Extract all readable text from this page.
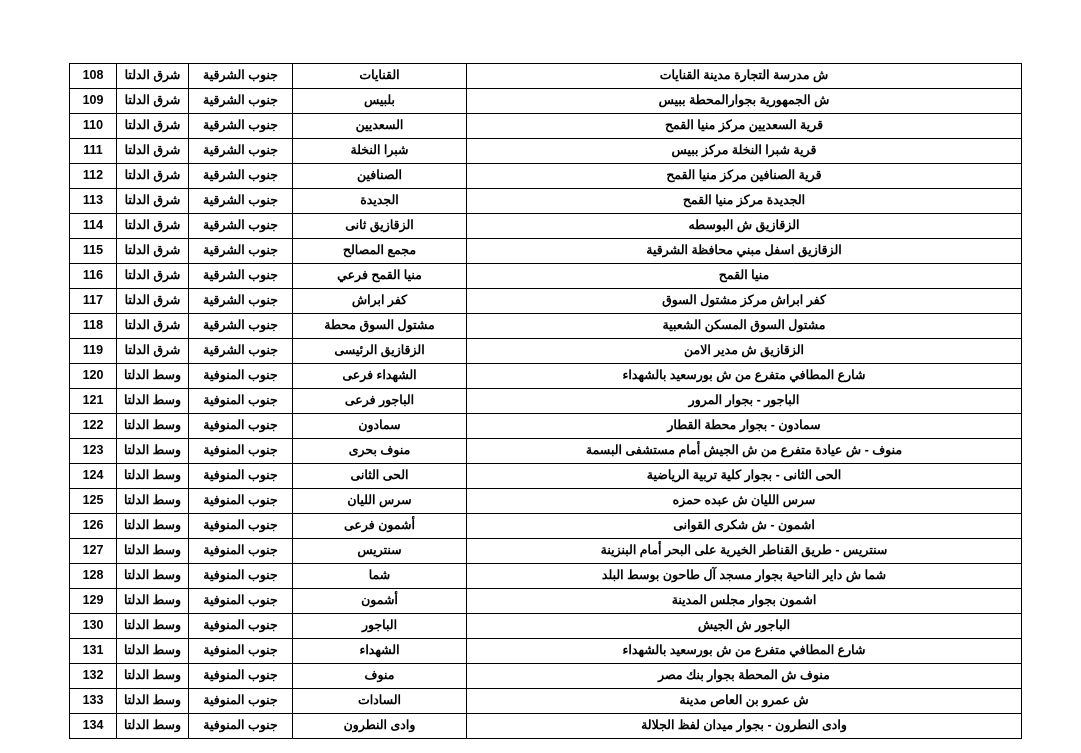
ش مدرسة التجارة مدينة القنايات	القنايات	جنوب الشرقية	شرق الدلتا	108
ش الجمهورية بجوارالمحطة ببيس	بلبيس	جنوب الشرقية	شرق الدلتا	109
قرية السعديين مركز منيا القمح	السعديين	جنوب الشرقية	شرق الدلتا	110
قرية شبرا النخلة مركز ببيس	شبرا النخلة	جنوب الشرقية	شرق الدلتا	111
قرية الصنافين مركز منيا القمح	الصنافين	جنوب الشرقية	شرق الدلتا	112
الجديدة مركز منيا القمح	الجديدة	جنوب الشرقية	شرق الدلتا	113
الزقازيق ش البوسطه	الزقازيق ثانى	جنوب الشرقية	شرق الدلتا	114
الزقازيق اسفل مبني محافظة الشرقية	مجمع المصالح	جنوب الشرقية	شرق الدلتا	115
منيا القمح	منيا القمح فرعي	جنوب الشرقية	شرق الدلتا	116
كفر ابراش مركز مشتول السوق	كفر ابراش	جنوب الشرقية	شرق الدلتا	117
مشتول السوق المسكن الشعبية	مشتول السوق محطة	جنوب الشرقية	شرق الدلتا	118
الزقازيق ش مدير الامن	الزقازيق الرئيسى	جنوب الشرقية	شرق الدلتا	119
شارع المطافي متفرع من ش بورسعيد بالشهداء	الشهداء فرعى	جنوب المنوفية	وسط الدلتا	120
الباجور - بجوار المرور	الباجور فرعى	جنوب المنوفية	وسط الدلتا	121
سمادون - بجوار محطة القطار	سمادون	جنوب المنوفية	وسط الدلتا	122
منوف - ش عيادة متفرع من ش الجيش أمام مستشفى البسمة	منوف بحرى	جنوب المنوفية	وسط الدلتا	123
الحى الثانى - بجوار كلية تربية الرياضية	الحى الثانى	جنوب المنوفية	وسط الدلتا	124
سرس الليان ش عبده حمزه	سرس الليان	جنوب المنوفية	وسط الدلتا	125
اشمون - ش شكرى القوانى	أشمون فرعى	جنوب المنوفية	وسط الدلتا	126
سنتريس - طريق القناطر الخيرية على البحر أمام البنزينة	سنتريس	جنوب المنوفية	وسط الدلتا	127
شما ش داير الناحية بجوار مسجد آل طاحون بوسط البلد	شما	جنوب المنوفية	وسط الدلتا	128
اشمون بجوار مجلس المدينة	أشمون	جنوب المنوفية	وسط الدلتا	129
الباجور ش الجيش	الباجور	جنوب المنوفية	وسط الدلتا	130
شارع المطافي متفرع من ش بورسعيد بالشهداء	الشهداء	جنوب المنوفية	وسط الدلتا	131
منوف ش المحطة بجوار بنك مصر	منوف	جنوب المنوفية	وسط الدلتا	132
ش عمرو بن العاص مدينة	السادات	جنوب المنوفية	وسط الدلتا	133
وادى النطرون - بجوار ميدان لفظ الجلالة	وادى النطرون	جنوب المنوفية	وسط الدلتا	134
